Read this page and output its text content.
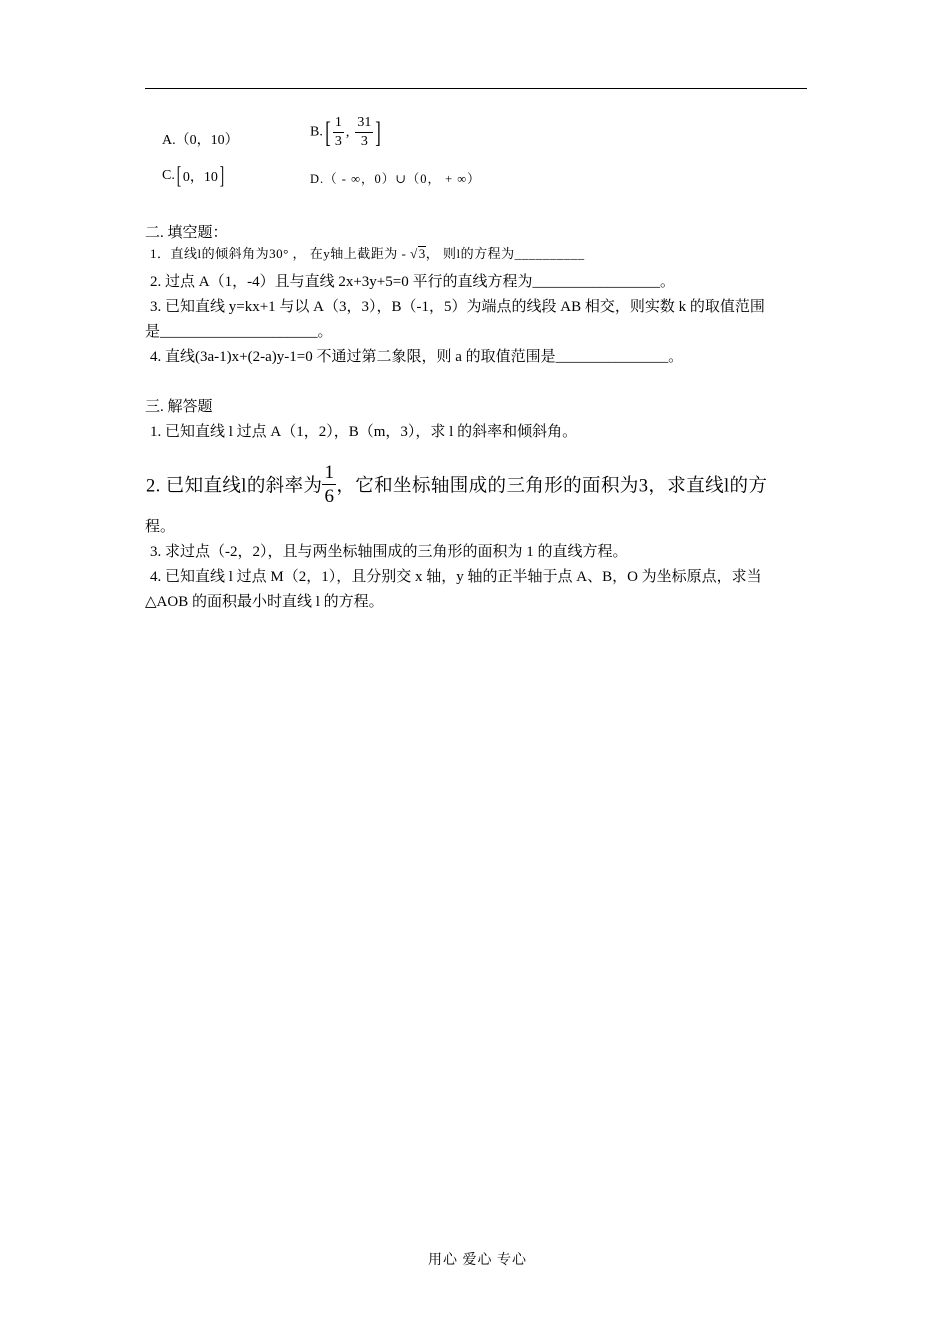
A.（0，10）
$B.[ \frac{1}{3}$ , $\frac{31}{3}$ ]
C.[ 0，10]	D.（ - ∞，0）∪（0， + ∞）
二. 填空题：
1．直线l的倾斜角为30° ， 在y轴上截距为 - √3， 则l的方程为__________
2. 过点 A（1，-4）且与直线 2x+3y+5=0 平行的直线方程为_________________。
3. 已知直线 y=kx+1 与以 A（3，3），B（-1，5）为端点的线段 AB 相交，则实数 k 的取值范围
是_____________________。
4. 直线(3a-1)x+(2-a)y-1=0 不通过第二象限，则 a 的取值范围是_______________。
三. 解答题
1. 已知直线 l 过点 A（1，2），B（m，3），求 l 的斜率和倾斜角。
2. 已知直线l的斜率为 $\frac{1}{6}$ ，它和坐标轴围成的三角形的面积为3，求直线l的方
程。
3. 求过点（-2，2），且与两坐标轴围成的三角形的面积为 1 的直线方程。
4. 已知直线 l 过点 M（2，1），且分别交 x 轴，y 轴的正半轴于点 A、B，O 为坐标原点，求当
△AOB 的面积最小时直线 l 的方程。
用心 爱心 专心
